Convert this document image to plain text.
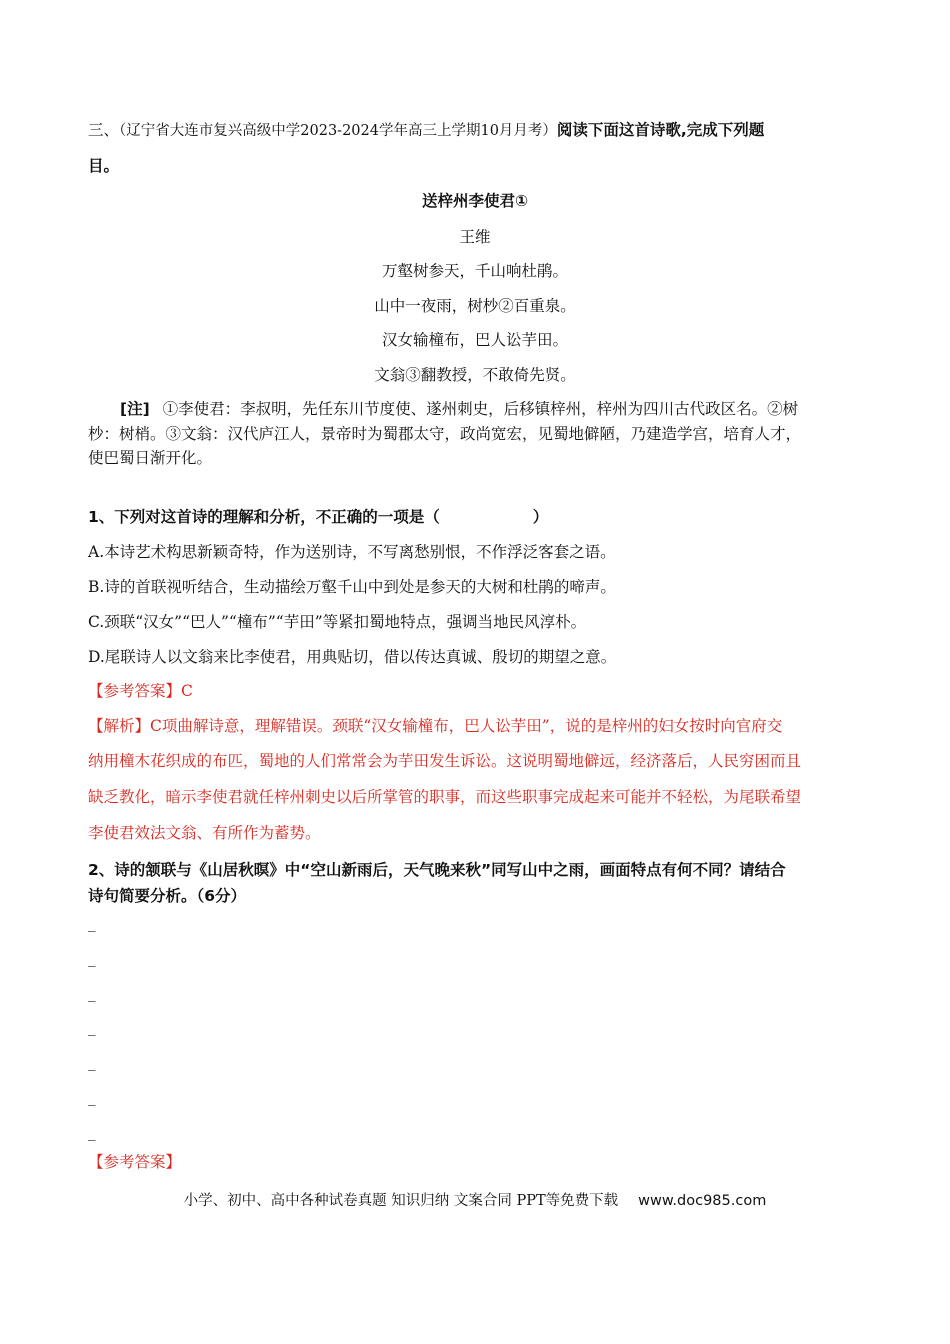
三、（辽宁省大连市复兴高级中学2023-2024学年高三上学期10月月考）阅读下面这首诗歌,完成下列题
目。
送梓州李使君①
王维
万壑树参天，千山响杜鹃。
山中一夜雨，树杪②百重泉。
汉女输橦布，巴人讼芋田。
文翁③翻教授，不敢倚先贤。
[注] ①李使君：李叔明，先任东川节度使、遂州刺史，后移镇梓州，梓州为四川古代政区名。②树
杪：树梢。③文翁：汉代庐江人，景帝时为蜀郡太守，政尚宽宏，见蜀地僻陋，乃建造学宫，培育人才，
使巴蜀日渐开化。
1、下列对这首诗的理解和分析，不正确的一项是（　　　　　　）
A.本诗艺术构思新颖奇特，作为送别诗，不写离愁别恨，不作浮泛客套之语。
B.诗的首联视听结合，生动描绘万壑千山中到处是参天的大树和杜鹃的啼声。
C.颈联“汉女”“巴人”“橦布”“芋田”等紧扣蜀地特点，强调当地民风淳朴。
D.尾联诗人以文翁来比李使君，用典贴切，借以传达真诚、殷切的期望之意。
【参考答案】C
【解析】C项曲解诗意，理解错误。颈联“汉女输橦布，巴人讼芋田”，说的是梓州的妇女按时向官府交
纳用橦木花织成的布匹，蜀地的人们常常会为芋田发生诉讼。这说明蜀地僻远，经济落后，人民穷困而且
缺乏教化，暗示李使君就任梓州刺史以后所掌管的职事，而这些职事完成起来可能并不轻松，为尾联希望
李使君效法文翁、有所作为蓄势。
2、诗的颔联与《山居秋暝》中“空山新雨后，天气晚来秋”同写山中之雨，画面特点有何不同？请结合
诗句简要分析。（6分）
_
_
_
_
_
_
_
【参考答案】
小学、初中、高中各种试卷真题 知识归纳 文案合同 PPT等免费下载 www.doc985.com
